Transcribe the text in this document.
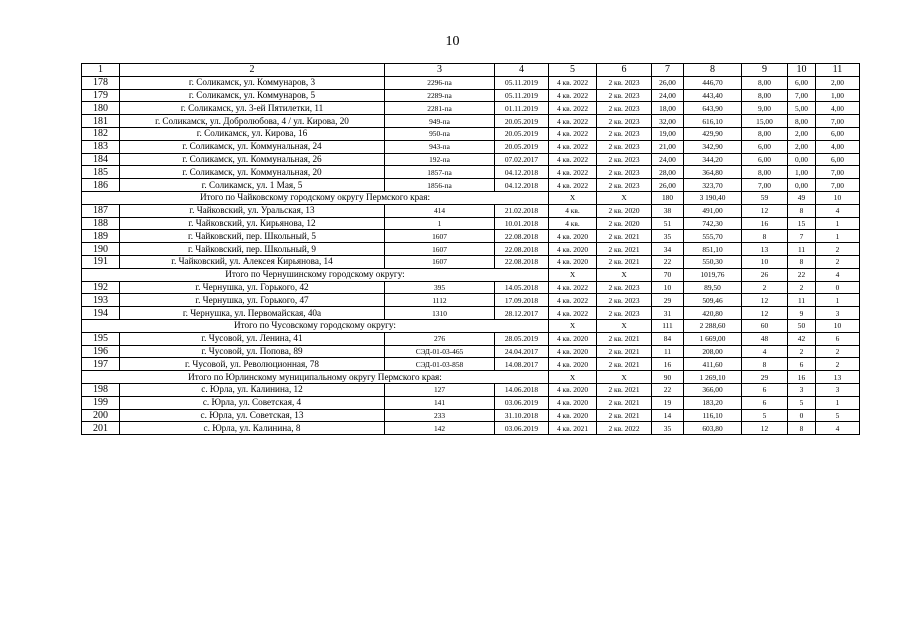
10
1	2	3	4	5	6	7	8	9	10	11
178	г. Соликамск, ул. Коммунаров, 3	2296-па	05.11.2019	4 кв. 2022	2 кв. 2023	26,00	446,70	8,00	6,00	2,00
179	г. Соликамск, ул. Коммунаров, 5	2289-па	05.11.2019	4 кв. 2022	2 кв. 2023	24,00	443,40	8,00	7,00	1,00
180	г. Соликамск, ул. 3-ей Пятилетки, 11	2281-па	01.11.2019	4 кв. 2022	2 кв. 2023	18,00	643,90	9,00	5,00	4,00
181	г. Соликамск, ул. Добролюбова, 4 / ул. Кирова, 20	949-па	20.05.2019	4 кв. 2022	2 кв. 2023	32,00	616,10	15,00	8,00	7,00
182	г. Соликамск, ул. Кирова, 16	950-па	20.05.2019	4 кв. 2022	2 кв. 2023	19,00	429,90	8,00	2,00	6,00
183	г. Соликамск, ул. Коммунальная, 24	943-па	20.05.2019	4 кв. 2022	2 кв. 2023	21,00	342,90	6,00	2,00	4,00
184	г. Соликамск, ул. Коммунальная, 26	192-па	07.02.2017	4 кв. 2022	2 кв. 2023	24,00	344,20	6,00	0,00	6,00
185	г. Соликамск, ул. Коммунальная, 20	1857-па	04.12.2018	4 кв. 2022	2 кв. 2023	28,00	364,80	8,00	1,00	7,00
186	г. Соликамск, ул. 1 Мая, 5	1856-па	04.12.2018	4 кв. 2022	2 кв. 2023	26,00	323,70	7,00	0,00	7,00
Итого по Чайковскому городскому округу Пермского края:				X	X	180	3 190,40	59	49	10
187	г. Чайковский, ул. Уральская, 13	414	21.02.2018	4 кв.	2 кв. 2020	38	491,00	12	8	4
188	г. Чайковский, ул. Кирьянова, 12	1	10.01.2018	4 кв.	2 кв. 2020	51	742,30	16	15	1
189	г. Чайковский, пер. Школьный, 5	1607	22.08.2018	4 кв. 2020	2 кв. 2021	35	555,70	8	7	1
190	г. Чайковский, пер. Школьный, 9	1607	22.08.2018	4 кв. 2020	2 кв. 2021	34	851,10	13	11	2
191	г. Чайковский, ул. Алексея Кирьянова, 14	1607	22.08.2018	4 кв. 2020	2 кв. 2021	22	550,30	10	8	2
Итого по Чернушинскому городскому округу:				X	X	70	1019,76	26	22	4
192	г. Чернушка, ул. Горького, 42	395	14.05.2018	4 кв. 2022	2 кв. 2023	10	89,50	2	2	0
193	г. Чернушка, ул. Горького, 47	1112	17.09.2018	4 кв. 2022	2 кв. 2023	29	509,46	12	11	1
194	г. Чернушка, ул. Первомайская, 40а	1310	28.12.2017	4 кв. 2022	2 кв. 2023	31	420,80	12	9	3
Итого по Чусовскому городскому округу:				X	X	111	2 288,60	60	50	10
195	г. Чусовой, ул. Ленина, 41	276	28.05.2019	4 кв. 2020	2 кв. 2021	84	1 669,00	48	42	6
196	г. Чусовой, ул. Попова, 89	СЭД-01-03-465	24.04.2017	4 кв. 2020	2 кв. 2021	11	208,00	4	2	2
197	г. Чусовой, ул. Революционная, 78	СЭД-01-03-858	14.08.2017	4 кв. 2020	2 кв. 2021	16	411,60	8	6	2
Итого по Юрлинскому муниципальному округу Пермского края:				X	X	90	1 269,10	29	16	13
198	с. Юрла, ул. Калинина, 12	127	14.06.2018	4 кв. 2020	2 кв. 2021	22	366,00	6	3	3
199	с. Юрла, ул. Советская, 4	141	03.06.2019	4 кв. 2020	2 кв. 2021	19	183,20	6	5	1
200	с. Юрла, ул. Советская, 13	233	31.10.2018	4 кв. 2020	2 кв. 2021	14	116,10	5	0	5
201	с. Юрла, ул. Калинина, 8	142	03.06.2019	4 кв. 2021	2 кв. 2022	35	603,80	12	8	4
